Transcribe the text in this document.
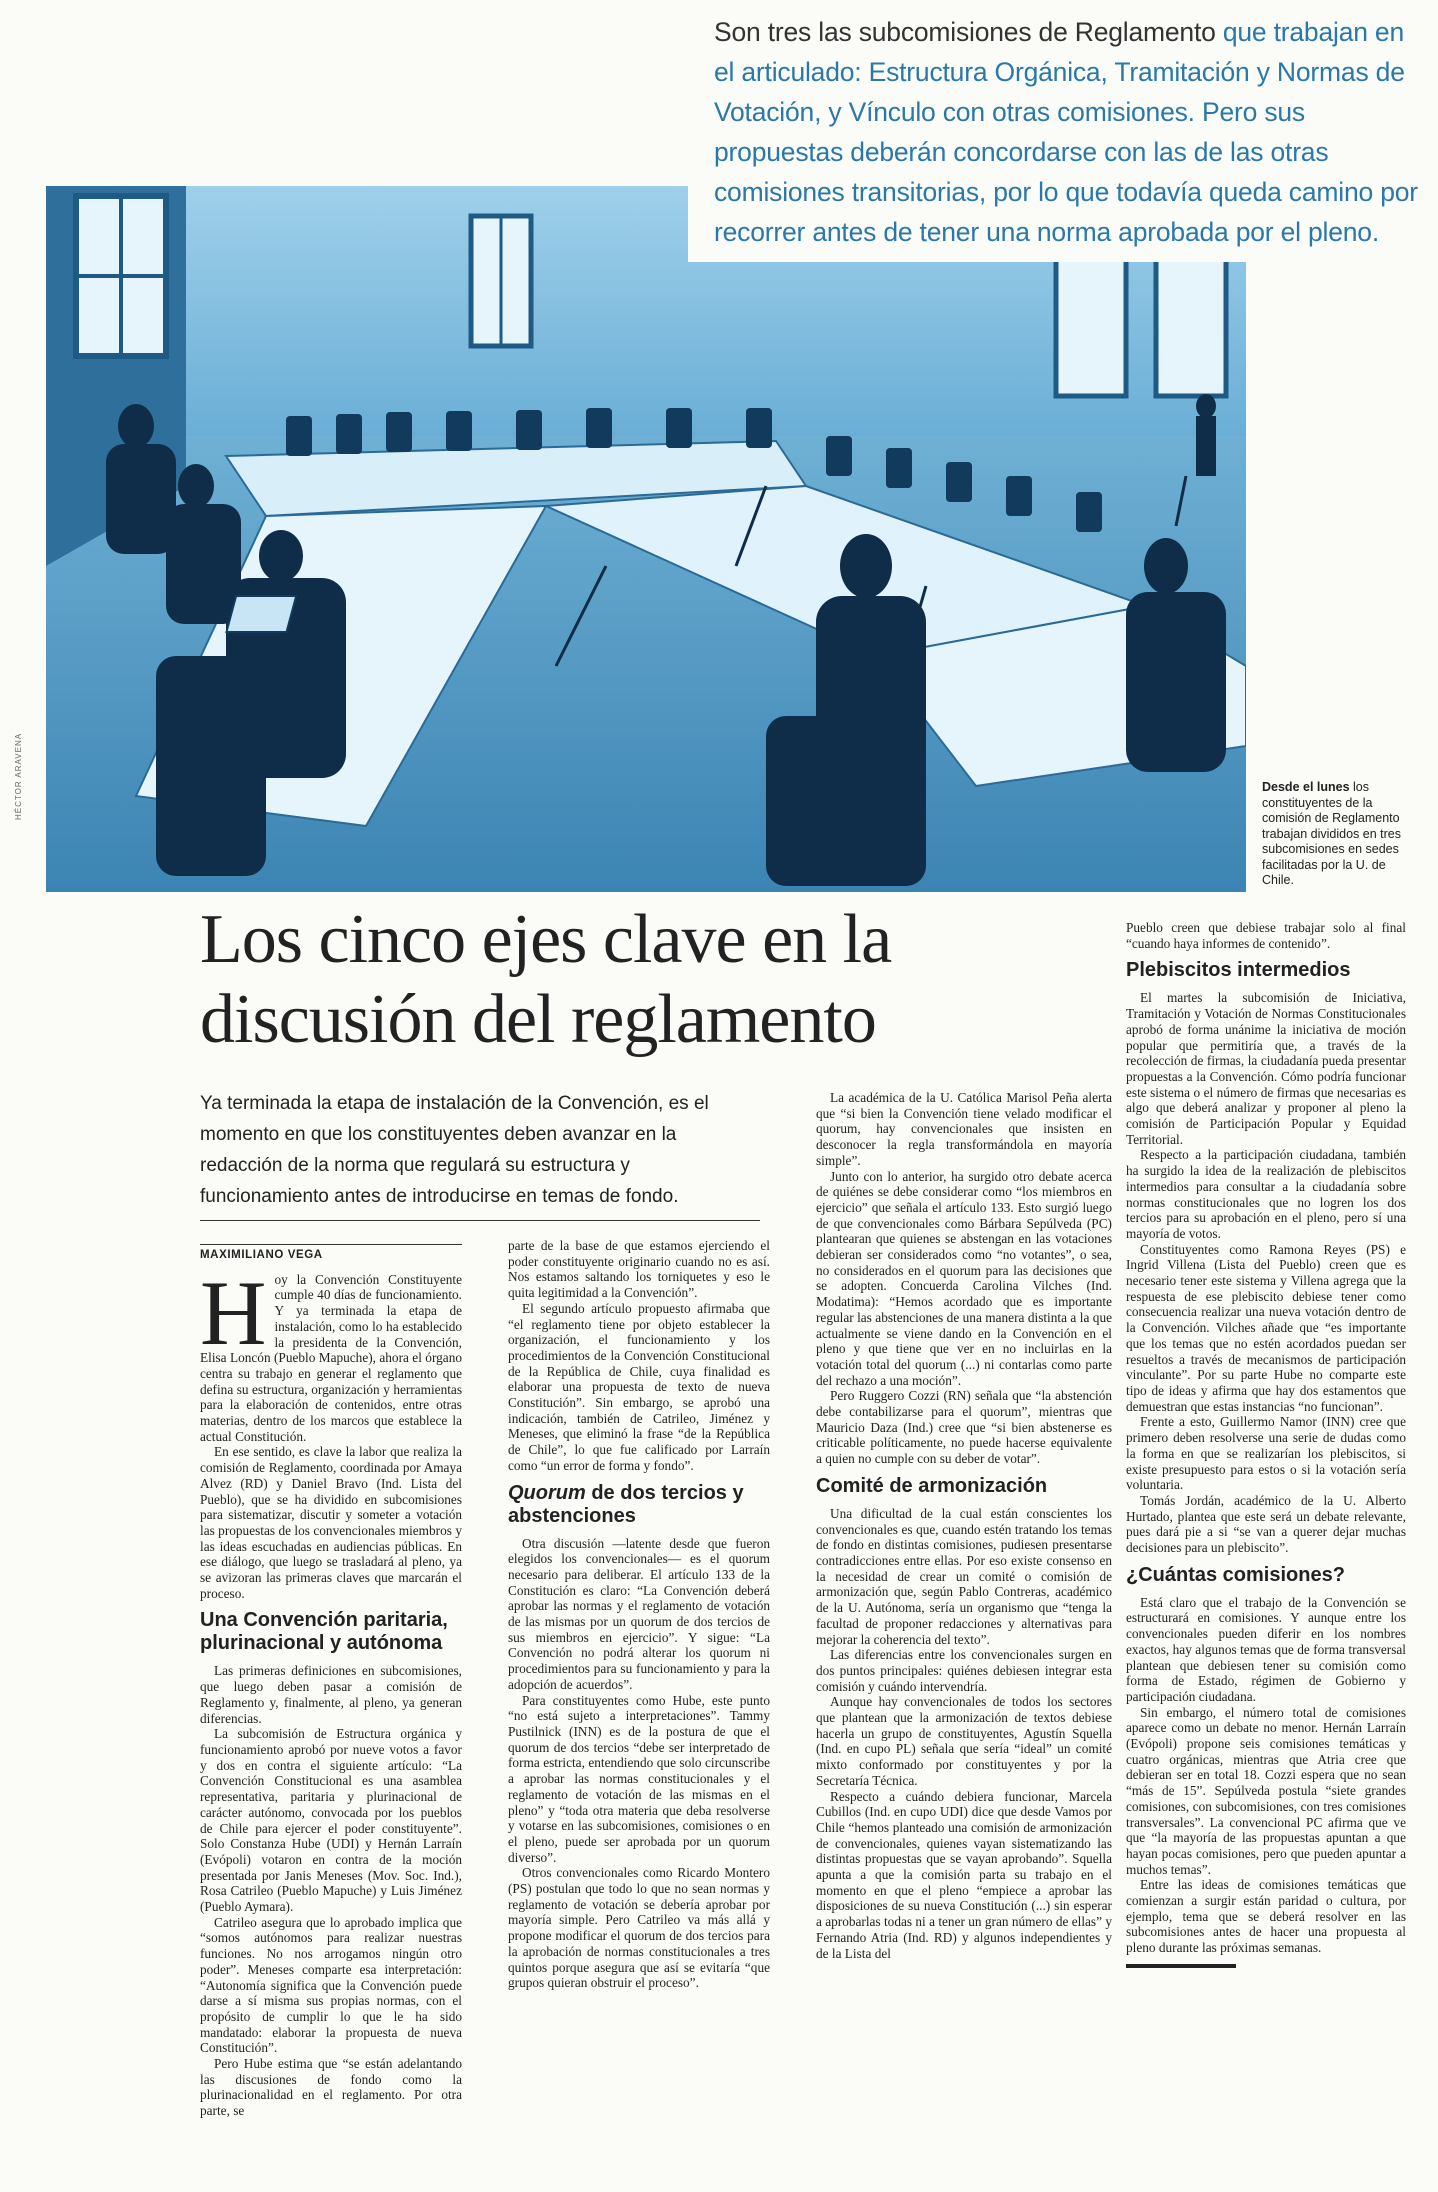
HÉCTOR ARAVENA
Son tres las subcomisiones de Reglamento que trabajan en el articulado: Estructura Orgánica, Tramitación y Normas de Votación, y Vínculo con otras comisiones. Pero sus propuestas deberán concordarse con las de las otras comisiones transitorias, por lo que todavía queda camino por recorrer antes de tener una norma aprobada por el pleno.
Desde el lunes los constituyentes de la comisión de Reglamento trabajan divididos en tres subcomisiones en sedes facilitadas por la U. de Chile.
Los cinco ejes clave en la discusión del reglamento
Ya terminada la etapa de instalación de la Convención, es el momento en que los constituyentes deben avanzar en la redacción de la norma que regulará su estructura y funcionamiento antes de introducirse en temas de fondo.
MAXIMILIANO VEGA

Hoy la Convención Constituyente cumple 40 días de funcionamiento. Y ya terminada la etapa de instalación, como lo ha establecido la presidenta de la Convención, Elisa Loncón (Pueblo Mapuche), ahora el órgano centra su trabajo en generar el reglamento que defina su estructura, organización y herramientas para la elaboración de contenidos, entre otras materias, dentro de los marcos que establece la actual Constitución.

En ese sentido, es clave la labor que realiza la comisión de Reglamento, coordinada por Amaya Alvez (RD) y Daniel Bravo (Ind. Lista del Pueblo), que se ha dividido en subcomisiones para sistematizar, discutir y someter a votación las propuestas de los convencionales miembros y las ideas escuchadas en audiencias públicas. En ese diálogo, que luego se trasladará al pleno, ya se avizoran las primeras claves que marcarán el proceso.

Una Convención paritaria, plurinacional y autónoma

Las primeras definiciones en subcomisiones, que luego deben pasar a comisión de Reglamento y, finalmente, al pleno, ya generan diferencias.

La subcomisión de Estructura orgánica y funcionamiento aprobó por nueve votos a favor y dos en contra el siguiente artículo: “La Convención Constitucional es una asamblea representativa, paritaria y plurinacional de carácter autónomo, convocada por los pueblos de Chile para ejercer el poder constituyente”. Solo Constanza Hube (UDI) y Hernán Larraín (Evópoli) votaron en contra de la moción presentada por Janis Meneses (Mov. Soc. Ind.), Rosa Catrileo (Pueblo Mapuche) y Luis Jiménez (Pueblo Aymara).

Catrileo asegura que lo aprobado implica que “somos autónomos para realizar nuestras funciones. No nos arrogamos ningún otro poder”. Meneses comparte esa interpretación: “Autonomía significa que la Convención puede darse a sí misma sus propias normas, con el propósito de cumplir lo que le ha sido mandatado: elaborar la propuesta de nueva Constitución”.

Pero Hube estima que “se están adelantando las discusiones de fondo como la plurinacionalidad en el reglamento. Por otra parte, se

parte de la base de que estamos ejerciendo el poder constituyente originario cuando no es así. Nos estamos saltando los torniquetes y eso le quita legitimidad a la Convención”.

El segundo artículo propuesto afirmaba que “el reglamento tiene por objeto establecer la organización, el funcionamiento y los procedimientos de la Convención Constitucional de la República de Chile, cuya finalidad es elaborar una propuesta de texto de nueva Constitución”. Sin embargo, se aprobó una indicación, también de Catrileo, Jiménez y Meneses, que eliminó la frase “de la República de Chile”, lo que fue calificado por Larraín como “un error de forma y fondo”.

Quorum de dos tercios y abstenciones

Otra discusión —latente desde que fueron elegidos los convencionales— es el quorum necesario para deliberar. El artículo 133 de la Constitución es claro: “La Convención deberá aprobar las normas y el reglamento de votación de las mismas por un quorum de dos tercios de sus miembros en ejercicio”. Y sigue: “La Convención no podrá alterar los quorum ni procedimientos para su funcionamiento y para la adopción de acuerdos”.

Para constituyentes como Hube, este punto “no está sujeto a interpretaciones”. Tammy Pustilnick (INN) es de la postura de que el quorum de dos tercios “debe ser interpretado de forma estricta, entendiendo que solo circunscribe a aprobar las normas constitucionales y el reglamento de votación de las mismas en el pleno” y “toda otra materia que deba resolverse y votarse en las subcomisiones, comisiones o en el pleno, puede ser aprobada por un quorum diverso”.

Otros convencionales como Ricardo Montero (PS) postulan que todo lo que no sean normas y reglamento de votación se debería aprobar por mayoría simple. Pero Catrileo va más allá y propone modificar el quorum de dos tercios para la aprobación de normas constitucionales a tres quintos porque asegura que así se evitaría “que grupos quieran obstruir el proceso”.

La académica de la U. Católica Marisol Peña alerta que “si bien la Convención tiene velado modificar el quorum, hay convencionales que insisten en desconocer la regla transformándola en mayoría simple”.

Junto con lo anterior, ha surgido otro debate acerca de quiénes se debe considerar como “los miembros en ejercicio” que señala el artículo 133. Esto surgió luego de que convencionales como Bárbara Sepúlveda (PC) plantearan que quienes se abstengan en las votaciones debieran ser considerados como “no votantes”, o sea, no considerados en el quorum para las decisiones que se adopten. Concuerda Carolina Vilches (Ind. Modatima): “Hemos acordado que es importante regular las abstenciones de una manera distinta a la que actualmente se viene dando en la Convención en el pleno y que tiene que ver en no incluirlas en la votación total del quorum (...) ni contarlas como parte del rechazo a una moción”.

Pero Ruggero Cozzi (RN) señala que “la abstención debe contabilizarse para el quorum”, mientras que Mauricio Daza (Ind.) cree que “si bien abstenerse es criticable políticamente, no puede hacerse equivalente a quien no cumple con su deber de votar”.

Comité de armonización

Una dificultad de la cual están conscientes los convencionales es que, cuando estén tratando los temas de fondo en distintas comisiones, pudiesen presentarse contradicciones entre ellas. Por eso existe consenso en la necesidad de crear un comité o comisión de armonización que, según Pablo Contreras, académico de la U. Autónoma, sería un organismo que “tenga la facultad de proponer redacciones y alternativas para mejorar la coherencia del texto”.

Las diferencias entre los convencionales surgen en dos puntos principales: quiénes debiesen integrar esta comisión y cuándo intervendría.

Aunque hay convencionales de todos los sectores que plantean que la armonización de textos debiese hacerla un grupo de constituyentes, Agustín Squella (Ind. en cupo PL) señala que sería “ideal” un comité mixto conformado por constituyentes y por la Secretaría Técnica.

Respecto a cuándo debiera funcionar, Marcela Cubillos (Ind. en cupo UDI) dice que desde Vamos por Chile “hemos planteado una comisión de armonización de convencionales, quienes vayan sistematizando las distintas propuestas que se vayan aprobando”. Squella apunta a que la comisión parta su trabajo en el momento en que el pleno “empiece a aprobar las disposiciones de su nueva Constitución (...) sin esperar a aprobarlas todas ni a tener un gran número de ellas” y Fernando Atria (Ind. RD) y algunos independientes y de la Lista del

Pueblo creen que debiese trabajar solo al final “cuando haya informes de contenido”.

Plebiscitos intermedios

El martes la subcomisión de Iniciativa, Tramitación y Votación de Normas Constitucionales aprobó de forma unánime la iniciativa de moción popular que permitiría que, a través de la recolección de firmas, la ciudadanía pueda presentar propuestas a la Convención. Cómo podría funcionar este sistema o el número de firmas que necesarias es algo que deberá analizar y proponer al pleno la comisión de Participación Popular y Equidad Territorial.

Respecto a la participación ciudadana, también ha surgido la idea de la realización de plebiscitos intermedios para consultar a la ciudadanía sobre normas constitucionales que no logren los dos tercios para su aprobación en el pleno, pero sí una mayoría de votos.

Constituyentes como Ramona Reyes (PS) e Ingrid Villena (Lista del Pueblo) creen que es necesario tener este sistema y Villena agrega que la respuesta de ese plebiscito debiese tener como consecuencia realizar una nueva votación dentro de la Convención. Vilches añade que “es importante que los temas que no estén acordados puedan ser resueltos a través de mecanismos de participación vinculante”. Por su parte Hube no comparte este tipo de ideas y afirma que hay dos estamentos que demuestran que estas instancias “no funcionan”.

Frente a esto, Guillermo Namor (INN) cree que primero deben resolverse una serie de dudas como la forma en que se realizarían los plebiscitos, si existe presupuesto para estos o si la votación sería voluntaria.

Tomás Jordán, académico de la U. Alberto Hurtado, plantea que este será un debate relevante, pues dará pie a si “se van a querer dejar muchas decisiones para un plebiscito”.

¿Cuántas comisiones?

Está claro que el trabajo de la Convención se estructurará en comisiones. Y aunque entre los convencionales pueden diferir en los nombres exactos, hay algunos temas que de forma transversal plantean que debiesen tener su comisión como forma de Estado, régimen de Gobierno y participación ciudadana.

Sin embargo, el número total de comisiones aparece como un debate no menor. Hernán Larraín (Evópoli) propone seis comisiones temáticas y cuatro orgánicas, mientras que Atria cree que debieran ser en total 18. Cozzi espera que no sean “más de 15”. Sepúlveda postula “siete grandes comisiones, con subcomisiones, con tres comisiones transversales”. La convencional PC afirma que ve que “la mayoría de las propuestas apuntan a que hayan pocas comisiones, pero que pueden apuntar a muchos temas”.

Entre las ideas de comisiones temáticas que comienzan a surgir están paridad o cultura, por ejemplo, tema que se deberá resolver en las subcomisiones antes de hacer una propuesta al pleno durante las próximas semanas.
